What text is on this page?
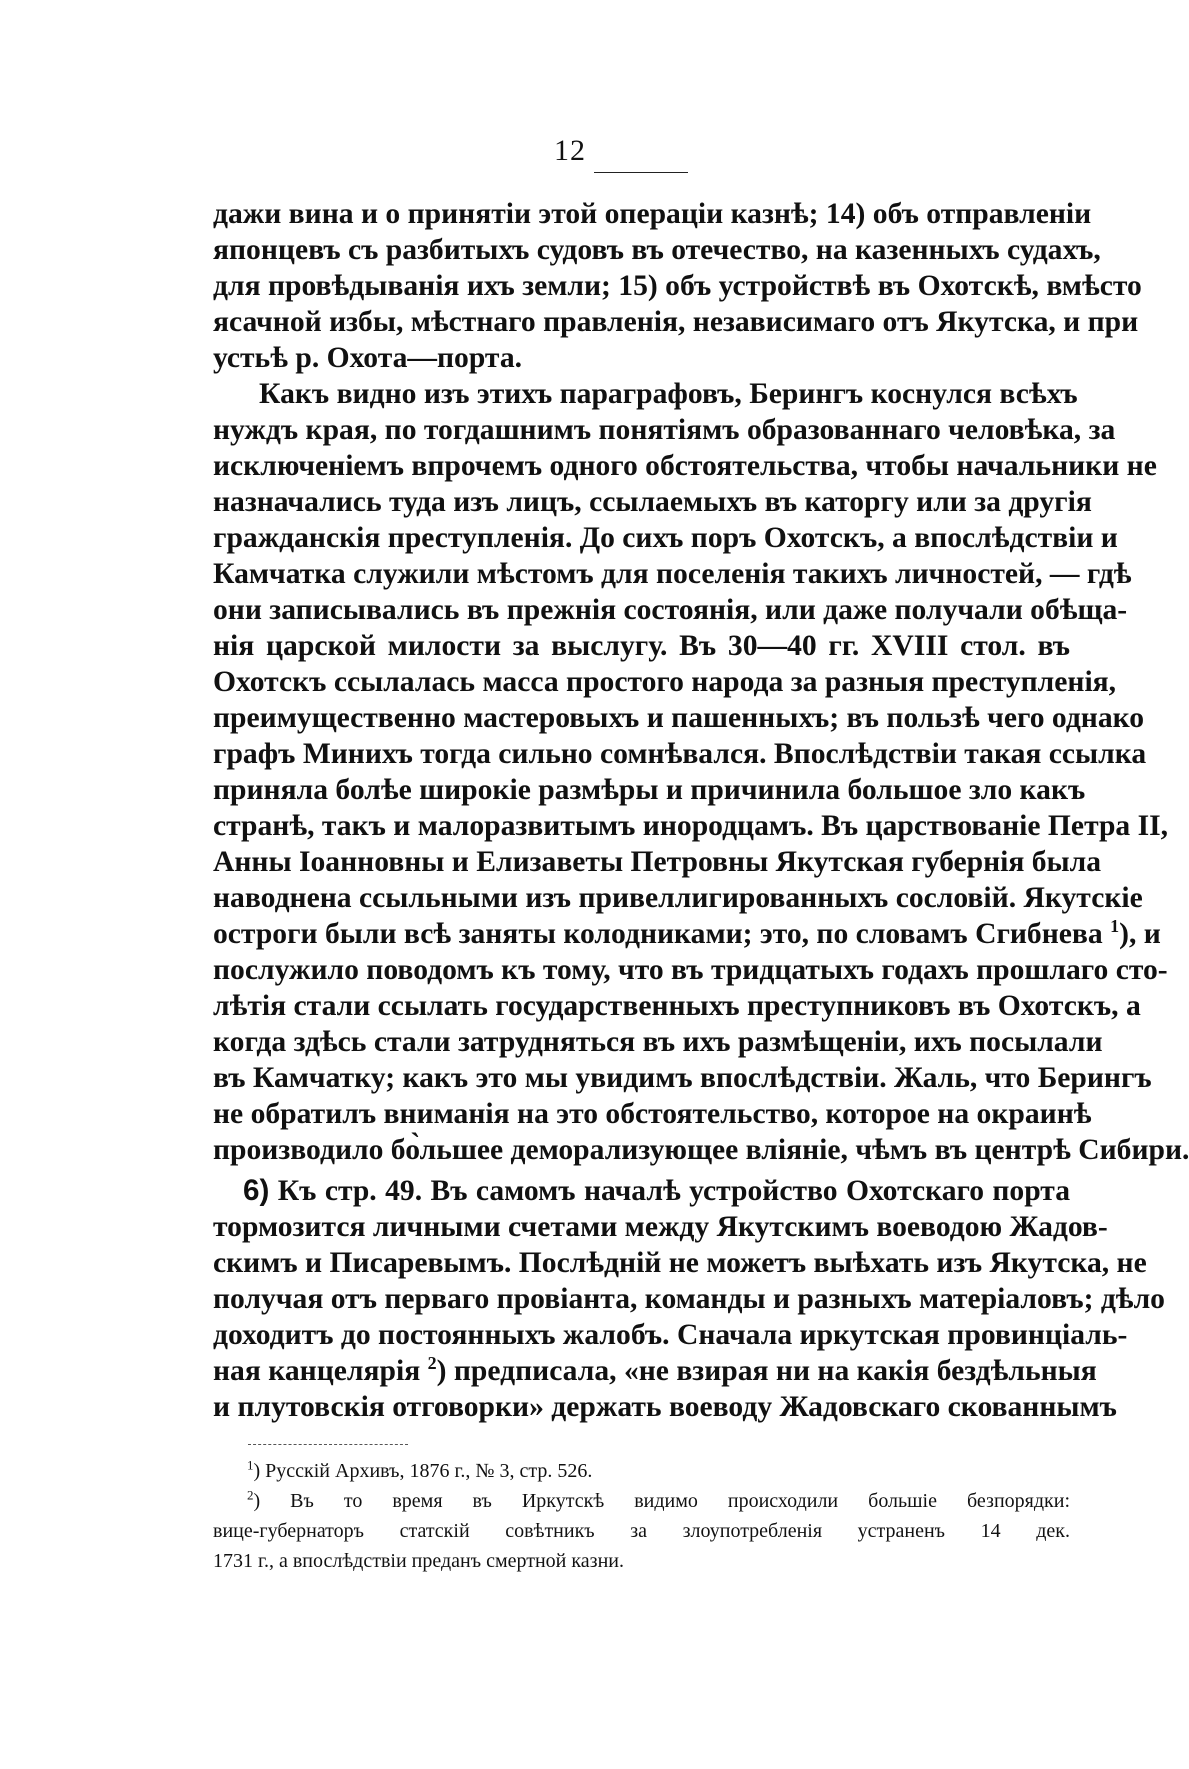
12
дажи вина и о принятіи этой операціи казнѣ; 14) объ отправленіи
японцевъ съ разбитыхъ судовъ въ отечество, на казенныхъ судахъ,
для провѣдыванія ихъ земли; 15) объ устройствѣ въ Охотскѣ, вмѣсто
ясачной избы, мѣстнаго правленія, независимаго отъ Якутска, и при
устьѣ р. Охота—порта.
Какъ видно изъ этихъ параграфовъ, Берингъ коснулся всѣхъ
нуждъ края, по тогдашнимъ понятіямъ образованнаго человѣка, за
исключеніемъ впрочемъ одного обстоятельства, чтобы начальники не
назначались туда изъ лицъ, ссылаемыхъ въ каторгу или за другія
гражданскія преступленія. До сихъ поръ Охотскъ, а впослѣдствіи и
Камчатка служили мѣстомъ для поселенія такихъ личностей, — гдѣ
они записывались въ прежнія состоянія, или даже получали обѣща-
нія царской милости за выслугу. Въ 30—40 гг. XVIII стол. въ
Охотскъ ссылалась масса простого народа за разныя преступленія,
преимущественно мастеровыхъ и пашенныхъ; въ пользѣ чего однако
графъ Минихъ тогда сильно сомнѣвался. Впослѣдствіи такая ссылка
приняла болѣе широкіе размѣры и причинила большое зло какъ
странѣ, такъ и малоразвитымъ инородцамъ. Въ царствованіе Петра II,
Анны Іоанновны и Елизаветы Петровны Якутская губернія была
наводнена ссыльными изъ привеллигированныхъ сословій. Якутскіе
остроги были всѣ заняты колодниками; это, по словамъ Сгибнева $^1$), и
послужило поводомъ къ тому, что въ тридцатыхъ годахъ прошлаго сто-
лѣтія стали ссылать государственныхъ преступниковъ въ Охотскъ, а
когда здѣсь стали затрудняться въ ихъ размѣщеніи, ихъ посылали
въ Камчатку; какъ это мы увидимъ впослѣдствіи. Жаль, что Берингъ
не обратилъ вниманія на это обстоятельство, которое на окраинѣ
производило бо̀льшее деморализующее вліяніе, чѣмъ въ центрѣ Сибири.
6) Къ стр. 49. Въ самомъ началѣ устройство Охотскаго порта
тормозится личными счетами между Якутскимъ воеводою Жадов-
скимъ и Писаревымъ. Послѣдній не можетъ выѣхать изъ Якутска, не
получая отъ перваго провіанта, команды и разныхъ матеріаловъ; дѣло
доходитъ до постоянныхъ жалобъ. Сначала иркутская провинціаль-
ная канцелярія $^2$) предписала, «не взирая ни на какія бездѣльныя
и плутовскія отговорки» держать воеводу Жадовскаго скованнымъ
$^1$) Русскій Архивъ, 1876 г., № 3, стр. 526.
$^2$) Въ то время въ Иркутскѣ видимо происходили большіе безпорядки:
вице-губернаторъ статскій совѣтникъ за злоупотребленія устраненъ 14 дек.
1731 г., а впослѣдствіи преданъ смертной казни.
